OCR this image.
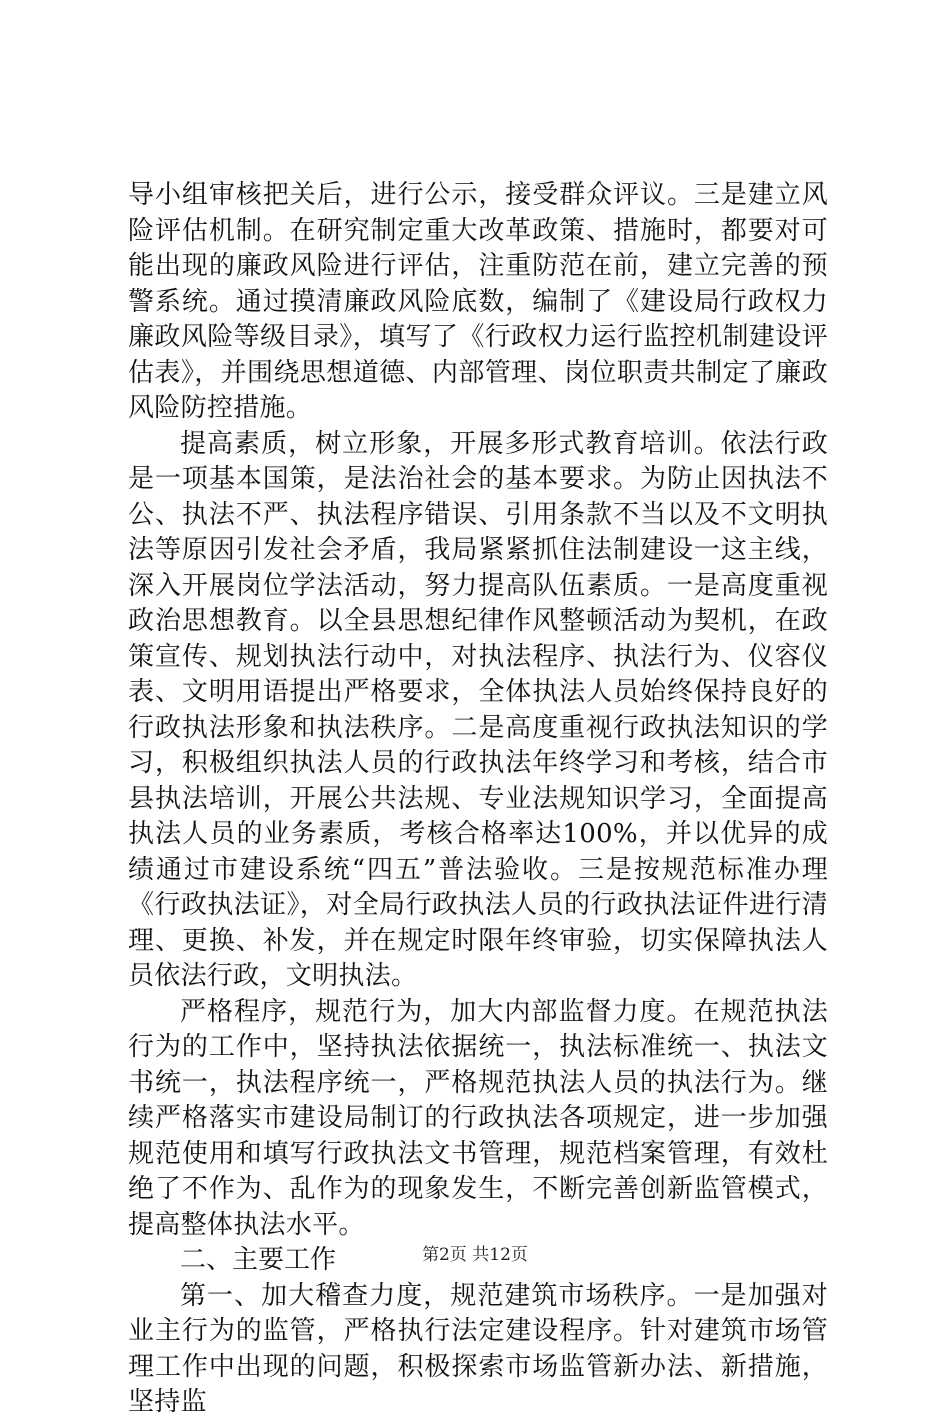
导小组审核把关后，进行公示，接受群众评议。三是建立风险评估机制。在研究制定重大改革政策、措施时，都要对可能出现的廉政风险进行评估，注重防范在前，建立完善的预警系统。通过摸清廉政风险底数，编制了《建设局行政权力廉政风险等级目录》，填写了《行政权力运行监控机制建设评估表》，并围绕思想道德、内部管理、岗位职责共制定了廉政风险防控措施。

提高素质，树立形象，开展多形式教育培训。依法行政是一项基本国策，是法治社会的基本要求。为防止因执法不公、执法不严、执法程序错误、引用条款不当以及不文明执法等原因引发社会矛盾，我局紧紧抓住法制建设一这主线，深入开展岗位学法活动，努力提高队伍素质。一是高度重视政治思想教育。以全县思想纪律作风整顿活动为契机，在政策宣传、规划执法行动中，对执法程序、执法行为、仪容仪表、文明用语提出严格要求，全体执法人员始终保持良好的行政执法形象和执法秩序。二是高度重视行政执法知识的学习，积极组织执法人员的行政执法年终学习和考核，结合市县执法培训，开展公共法规、专业法规知识学习，全面提高执法人员的业务素质，考核合格率达100%，并以优异的成绩通过市建设系统“四五”普法验收。三是按规范标准办理《行政执法证》，对全局行政执法人员的行政执法证件进行清理、更换、补发，并在规定时限年终审验，切实保障执法人员依法行政，文明执法。

严格程序，规范行为，加大内部监督力度。在规范执法行为的工作中，坚持执法依据统一，执法标准统一、执法文书统一，执法程序统一，严格规范执法人员的执法行为。继续严格落实市建设局制订的行政执法各项规定，进一步加强规范使用和填写行政执法文书管理，规范档案管理，有效杜绝了不作为、乱作为的现象发生，不断完善创新监管模式，提高整体执法水平。

二、主要工作

第一、加大稽查力度，规范建筑市场秩序。一是加强对业主行为的监管，严格执行法定建设程序。针对建筑市场管理工作中出现的问题，积极探索市场监管新办法、新措施，坚持监

第2页 共12页
